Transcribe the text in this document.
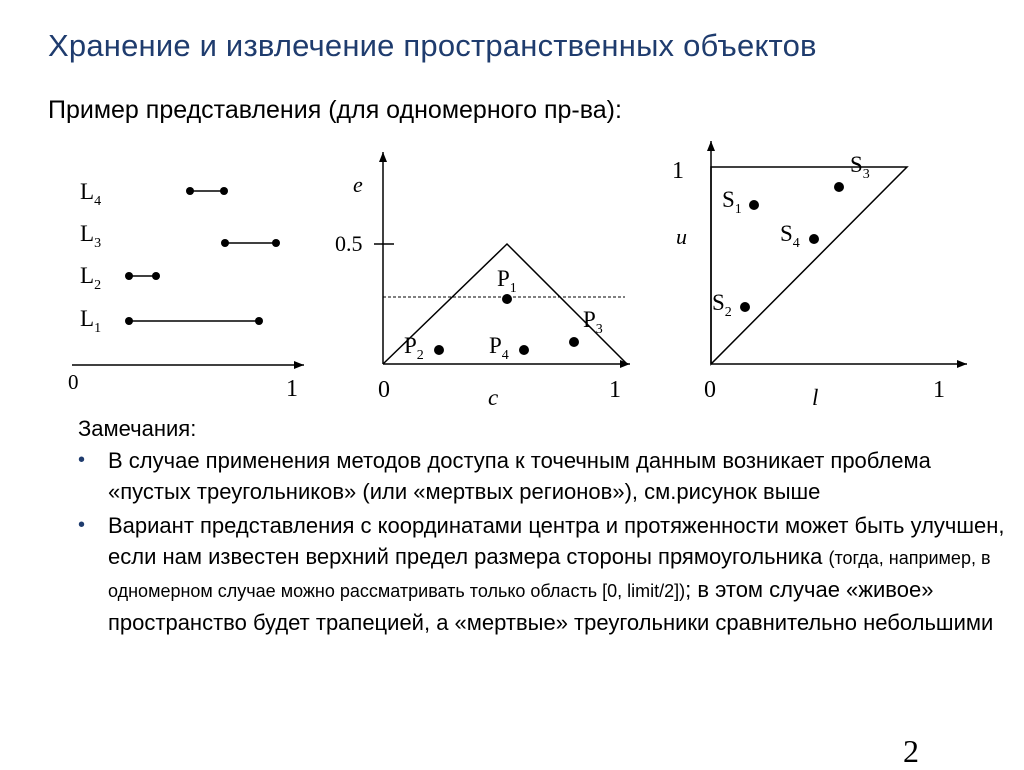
Хранение и извлечение пространственных объектов
Пример представления (для одномерного пр-ва):
0	1
$L_4$
$L_3$
$L_2$
$L_1$
e
0.5
0	c	1
$P_1$
$P_2$
$P_3$
$P_4$
1
u
0	l	1
$S_1$
$S_2$
$S_3$
$S_4$
Замечания:
• В случае применения методов доступа к точечным данным возникает проблема «пустых треугольников» (или «мертвых регионов»), см.рисунок выше
• Вариант представления с координатами центра и протяженности может быть улучшен, если нам известен верхний предел размера стороны прямоугольника (тогда, например, в одномерном случае можно рассматривать только область [0, limit/2]); в этом случае «живое» пространство будет трапецией, а «мертвые» треугольники сравнительно небольшими
2
